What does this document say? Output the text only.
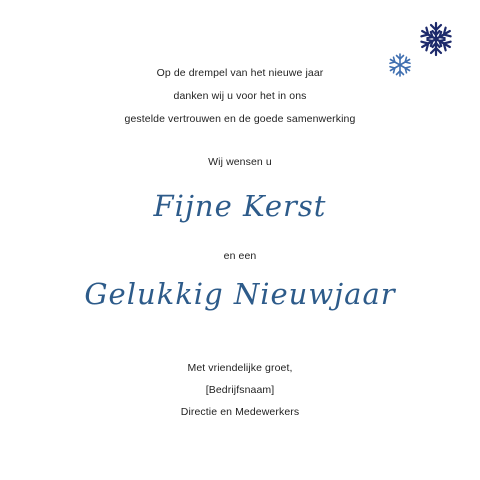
Op de drempel van het nieuwe jaar
danken wij u voor het in ons
gestelde vertrouwen en de goede samenwerking
Wij wensen u
Fijne Kerst
en een
Gelukkig Nieuwjaar
Met vriendelijke groet,
[Bedrijfsnaam]
Directie en Medewerkers
